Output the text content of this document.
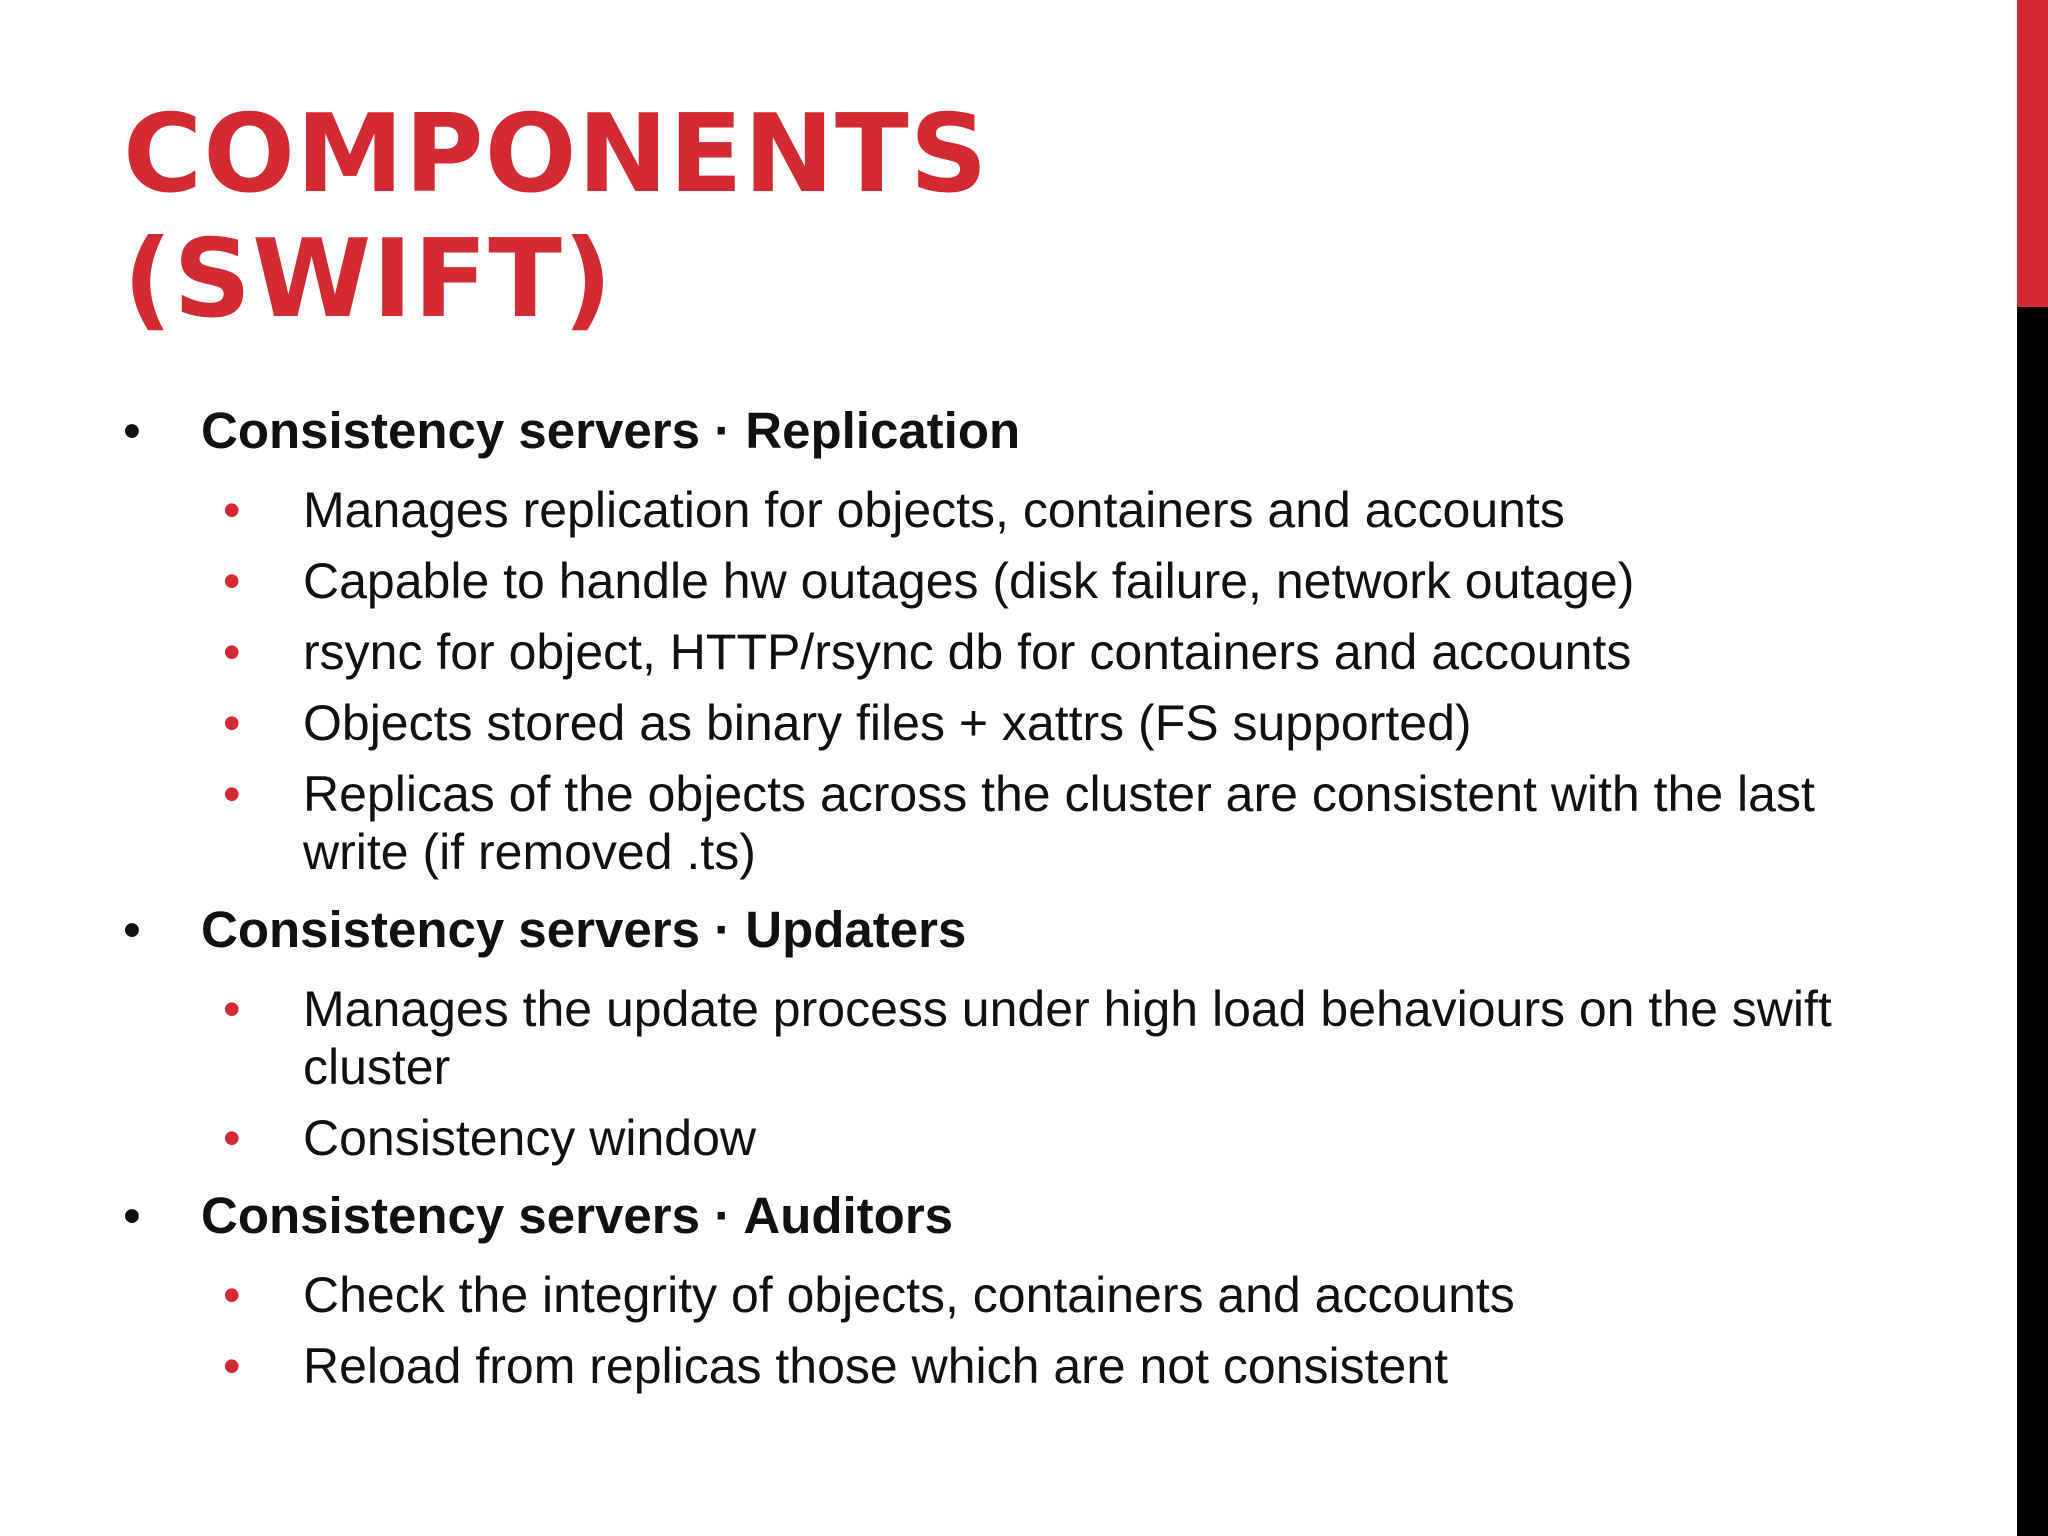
COMPONENTS
(SWIFT)
• Consistency servers · Replication
• Manages replication for objects, containers and accounts
• Capable to handle hw outages (disk failure, network outage)
• rsync for object, HTTP/rsync db for containers and accounts
• Objects stored as binary files + xattrs (FS supported)
• Replicas of the objects across the cluster are consistent with the last write (if removed .ts)
• Consistency servers · Updaters
• Manages the update process under high load behaviours on the swift cluster
• Consistency window
• Consistency servers · Auditors
• Check the integrity of objects, containers and accounts
• Reload from replicas those which are not consistent
